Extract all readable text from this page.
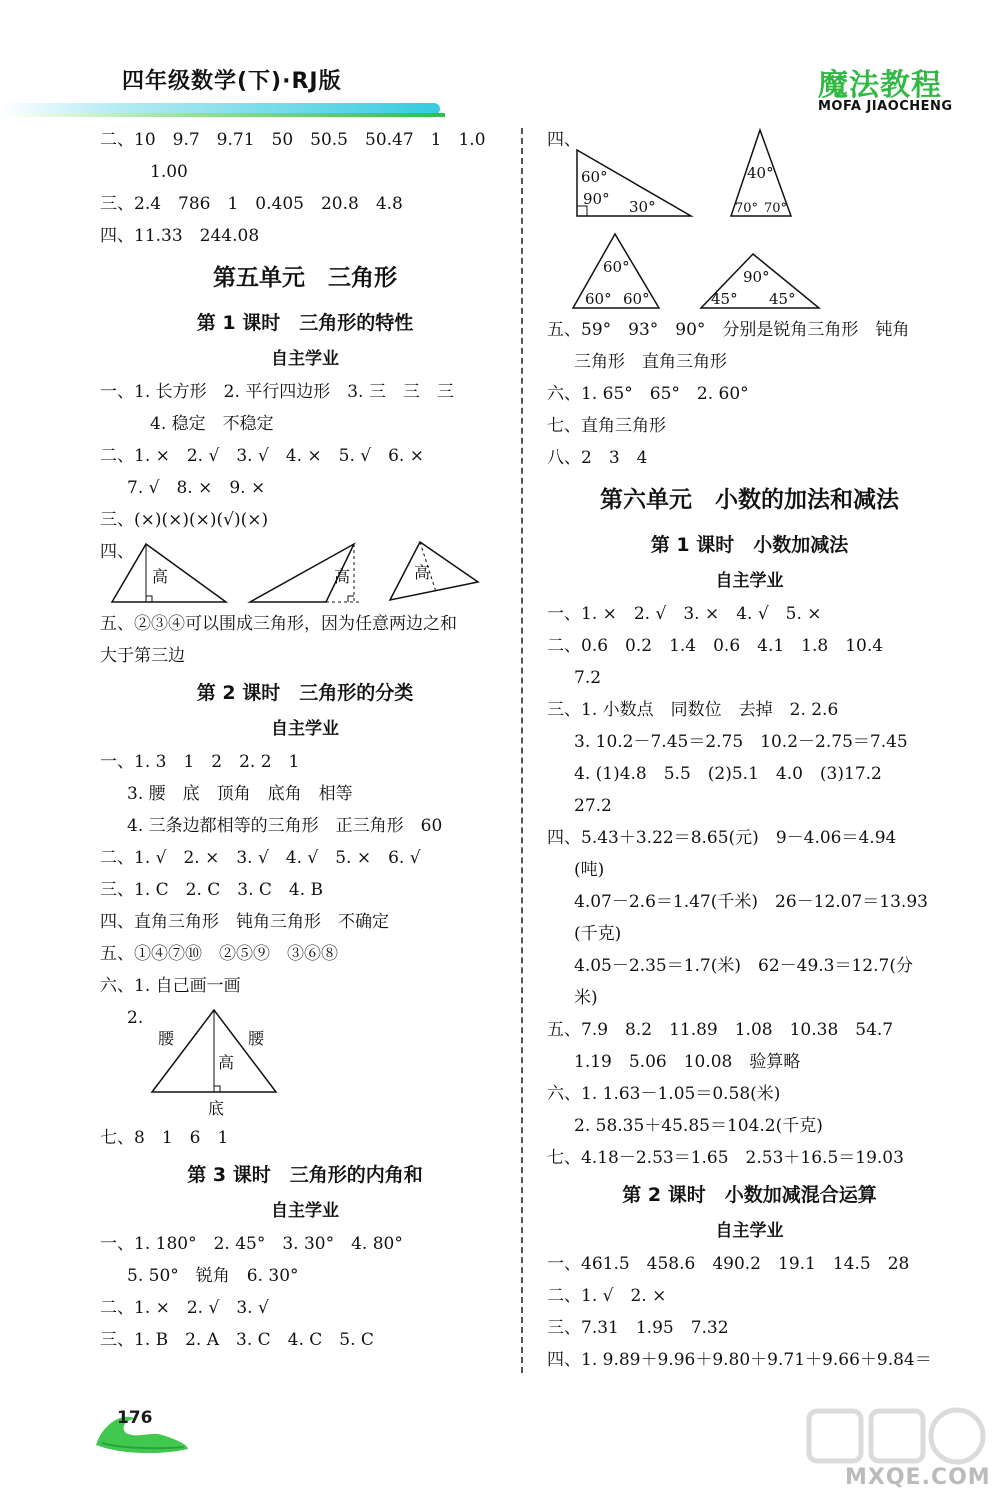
四年级数学(下)·RJ版	魔法教程
MOFA JIAOCHENG
二、10　9.7　9.71　50　50.5　50.47　1　1.0
1.00
三、2.4　786　1　0.405　20.8　4.8
四、11.33　244.08
第五单元　三角形
第 1 课时　三角形的特性
自主学业
一、1. 长方形　2. 平行四边形　3. 三　三　三
4. 稳定　不稳定
二、1. ×　2. √　3. √　4. ×　5. √　6. ×
7. √　8. ×　9. ×
三、(×)(×)(×)(√)(×)
四、
高	高	高
五、②③④可以围成三角形，因为任意两边之和
大于第三边
第 2 课时　三角形的分类
自主学业
一、1. 3　1　2　2. 2　1
3. 腰　底　顶角　底角　相等
4. 三条边都相等的三角形　正三角形　60
二、1. √　2. ×　3. √　4. √　5. ×　6. √
三、1. C　2. C　3. C　4. B
四、直角三角形　钝角三角形　不确定
五、①④⑦⑩　②⑤⑨　③⑥⑧
六、1. 自己画一画
2.
腰	腰
高
底
七、8　1　6　1
第 3 课时　三角形的内角和
自主学业
一、1. 180°　2. 45°　3. 30°　4. 80°
5. 50°　锐角　6. 30°
二、1. ×　2. √　3. √
三、1. B　2. A　3. C　4. C　5. C
四、
60°
90° 30°
40°
70° 70°
60°
60° 60°
90°
45° 45°
五、59°　93°　90°　分别是锐角三角形　钝角
三角形　直角三角形
六、1. 65°　65°　2. 60°
七、直角三角形
八、2　3　4
第六单元　小数的加法和减法
第 1 课时　小数加减法
自主学业
一、1. ×　2. √　3. ×　4. √　5. ×
二、0.6　0.2　1.4　0.6　4.1　1.8　10.4
7.2
三、1. 小数点　同数位　去掉　2. 2.6
3. 10.2－7.45＝2.75　10.2－2.75＝7.45
4. (1)4.8　5.5　(2)5.1　4.0　(3)17.2
27.2
四、5.43＋3.22＝8.65(元)　9－4.06＝4.94
(吨)
4.07－2.6＝1.47(千米)　26－12.07＝13.93
(千克)
4.05－2.35＝1.7(米)　62－49.3＝12.7(分
米)
五、7.9　8.2　11.89　1.08　10.38　54.7
1.19　5.06　10.08　验算略
六、1. 1.63－1.05＝0.58(米)
2. 58.35＋45.85＝104.2(千克)
七、4.18－2.53＝1.65　2.53＋16.5＝19.03
第 2 课时　小数加减混合运算
自主学业
一、461.5　458.6　490.2　19.1　14.5　28
二、1. √　2. ×
三、7.31　1.95　7.32
四、1. 9.89＋9.96＋9.80＋9.71＋9.66＋9.84＝
176
MXQE.COM
